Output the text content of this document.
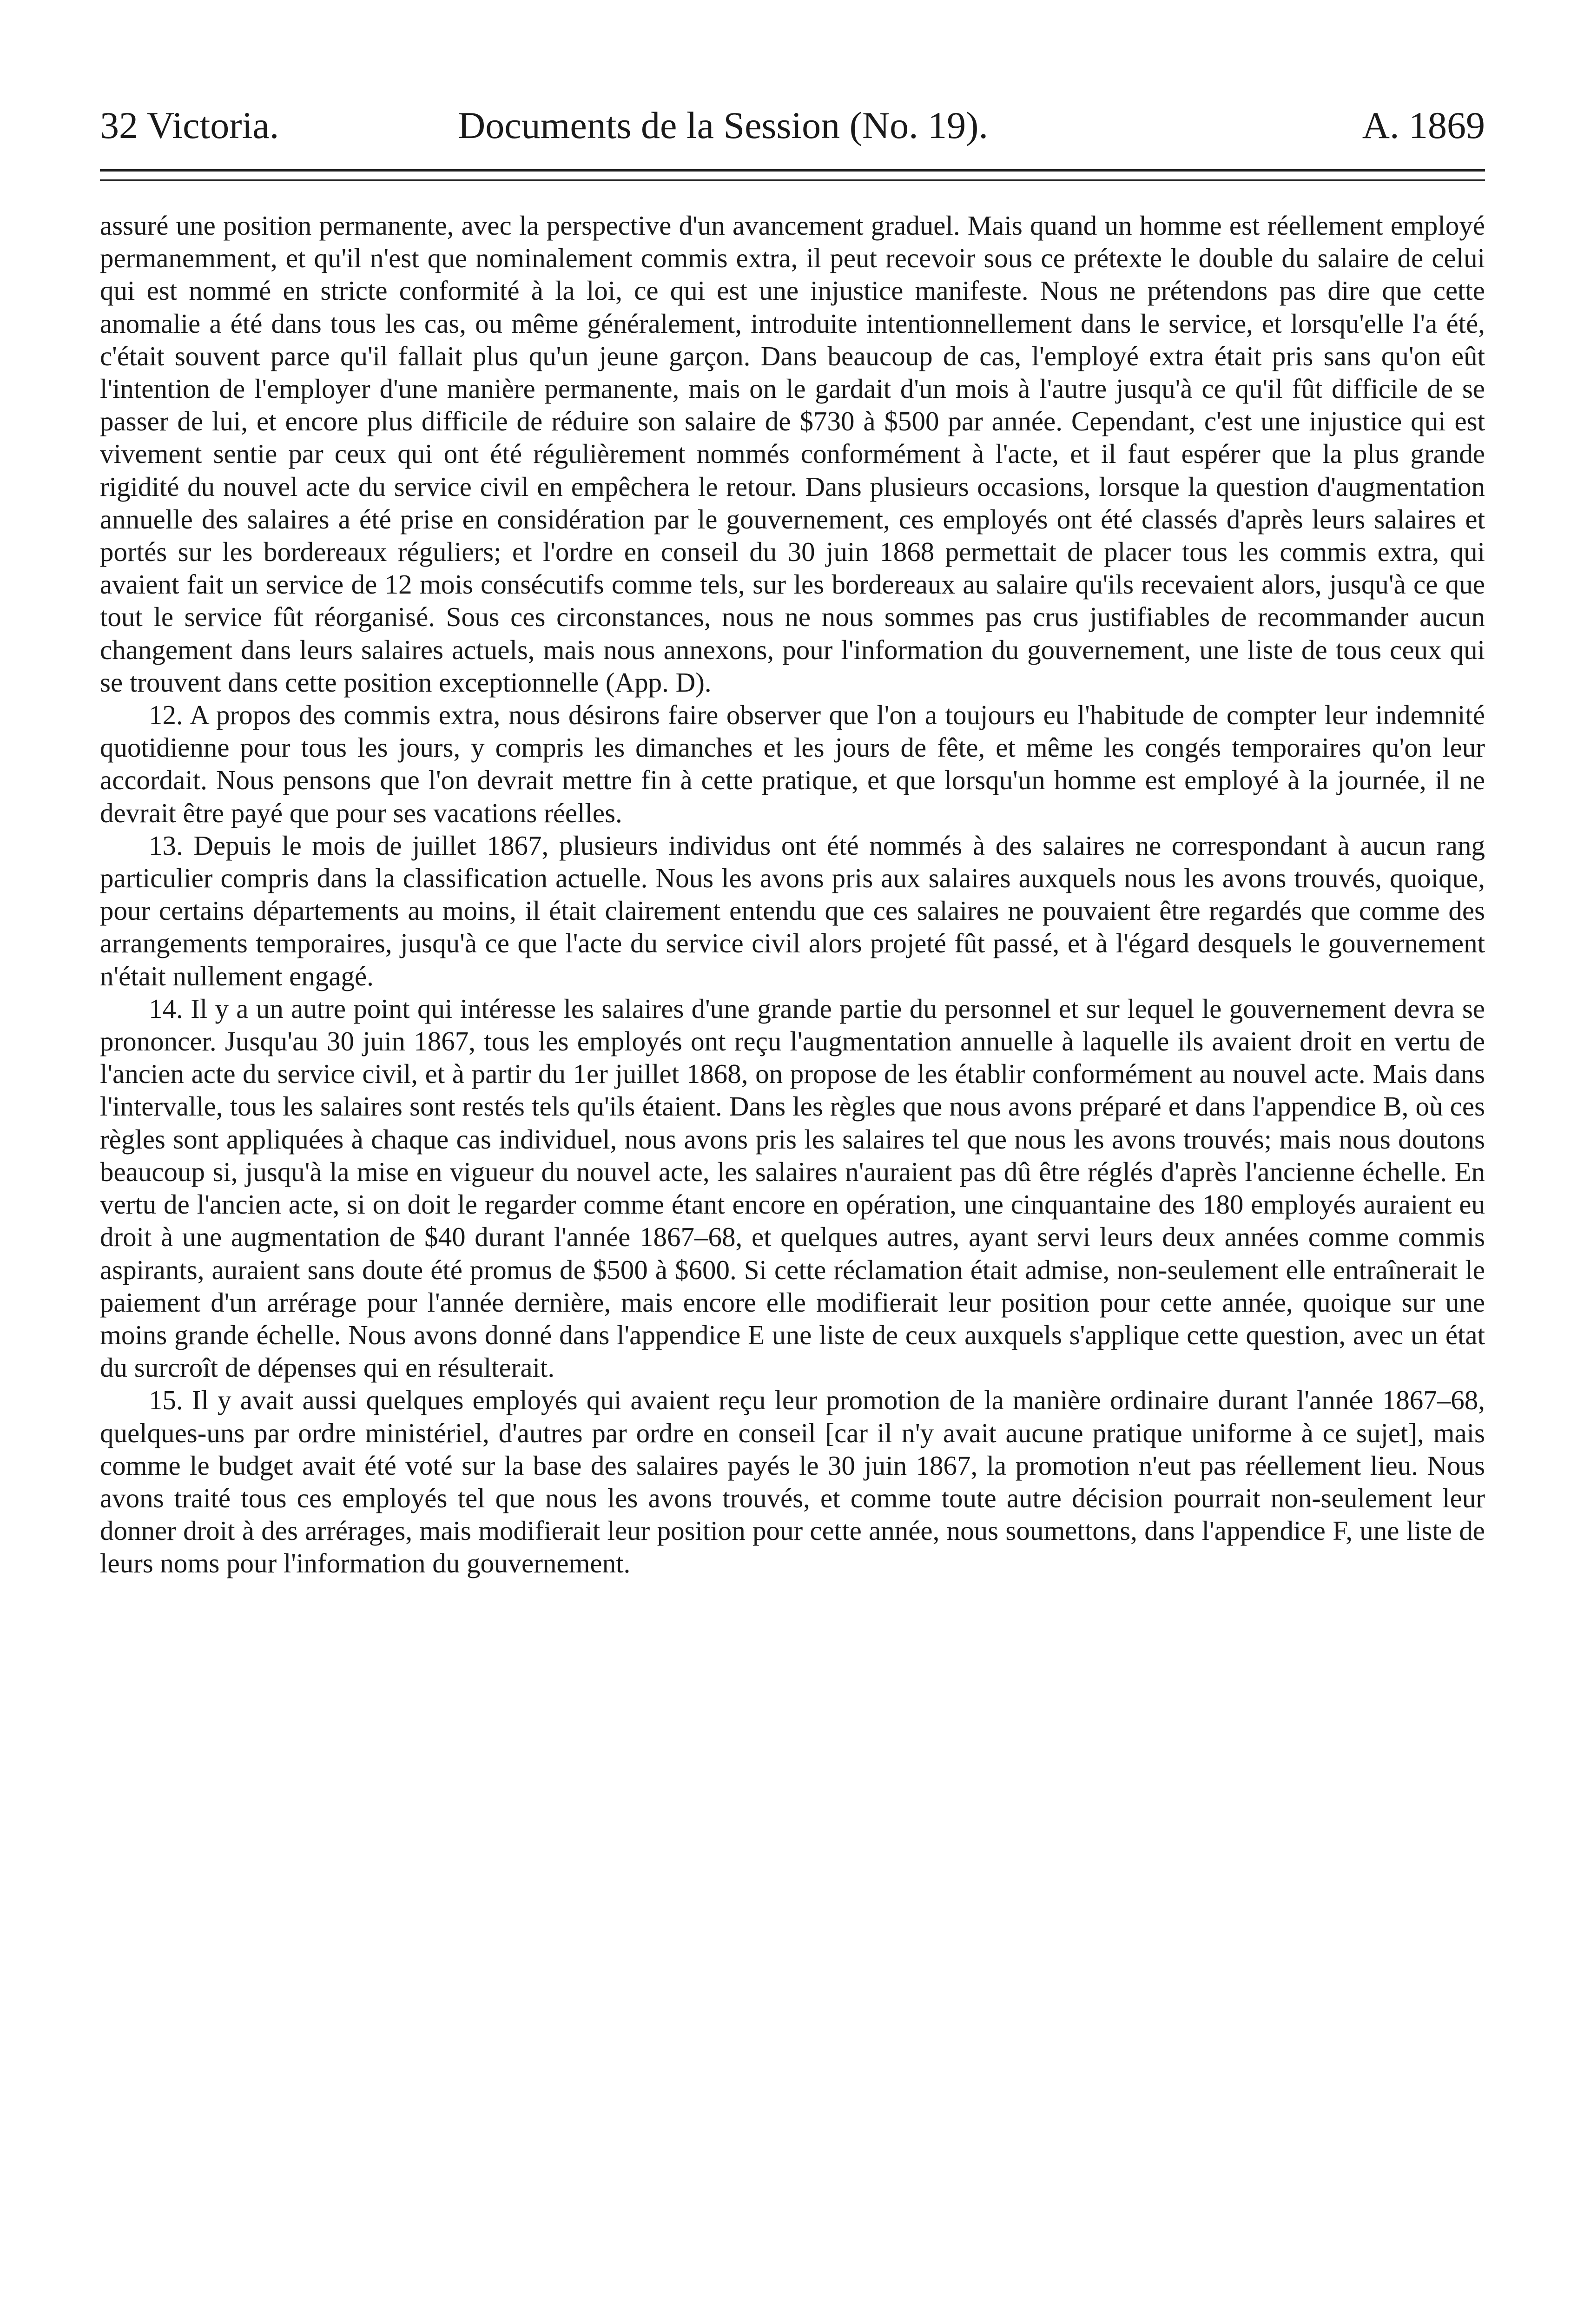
32 Victoria.	Documents de la Session (No. 19).	A. 1869

assuré une position permanente, avec la perspective d'un avancement graduel. Mais quand un homme est réellement employé permanemment, et qu'il n'est que nominalement commis extra, il peut recevoir sous ce prétexte le double du salaire de celui qui est nommé en stricte conformité à la loi, ce qui est une injustice manifeste. Nous ne prétendons pas dire que cette anomalie a été dans tous les cas, ou même généralement, introduite intentionnellement dans le service, et lorsqu'elle l'a été, c'était souvent parce qu'il fallait plus qu'un jeune garçon. Dans beaucoup de cas, l'employé extra était pris sans qu'on eût l'intention de l'employer d'une manière permanente, mais on le gardait d'un mois à l'autre jusqu'à ce qu'il fût difficile de se passer de lui, et encore plus difficile de réduire son salaire de $730 à $500 par année. Cependant, c'est une injustice qui est vivement sentie par ceux qui ont été régulièrement nommés conformément à l'acte, et il faut espérer que la plus grande rigidité du nouvel acte du service civil en empêchera le retour. Dans plusieurs occasions, lorsque la question d'augmentation annuelle des salaires a été prise en considération par le gouvernement, ces employés ont été classés d'après leurs salaires et portés sur les bordereaux réguliers; et l'ordre en conseil du 30 juin 1868 permettait de placer tous les commis extra, qui avaient fait un service de 12 mois consécutifs comme tels, sur les bordereaux au salaire qu'ils recevaient alors, jusqu'à ce que tout le service fût réorganisé. Sous ces circonstances, nous ne nous sommes pas crus justifiables de recommander aucun changement dans leurs salaires actuels, mais nous annexons, pour l'information du gouvernement, une liste de tous ceux qui se trouvent dans cette position exceptionnelle (App. D).

12. A propos des commis extra, nous désirons faire observer que l'on a toujours eu l'habitude de compter leur indemnité quotidienne pour tous les jours, y compris les dimanches et les jours de fête, et même les congés temporaires qu'on leur accordait. Nous pensons que l'on devrait mettre fin à cette pratique, et que lorsqu'un homme est employé à la journée, il ne devrait être payé que pour ses vacations réelles.

13. Depuis le mois de juillet 1867, plusieurs individus ont été nommés à des salaires ne correspondant à aucun rang particulier compris dans la classification actuelle. Nous les avons pris aux salaires auxquels nous les avons trouvés, quoique, pour certains départements au moins, il était clairement entendu que ces salaires ne pouvaient être regardés que comme des arrangements temporaires, jusqu'à ce que l'acte du service civil alors projeté fût passé, et à l'égard desquels le gouvernement n'était nullement engagé.

14. Il y a un autre point qui intéresse les salaires d'une grande partie du personnel et sur lequel le gouvernement devra se prononcer. Jusqu'au 30 juin 1867, tous les employés ont reçu l'augmentation annuelle à laquelle ils avaient droit en vertu de l'ancien acte du service civil, et à partir du 1er juillet 1868, on propose de les établir conformément au nouvel acte. Mais dans l'intervalle, tous les salaires sont restés tels qu'ils étaient. Dans les règles que nous avons préparé et dans l'appendice B, où ces règles sont appliquées à chaque cas individuel, nous avons pris les salaires tel que nous les avons trouvés; mais nous doutons beaucoup si, jusqu'à la mise en vigueur du nouvel acte, les salaires n'auraient pas dû être réglés d'après l'ancienne échelle. En vertu de l'ancien acte, si on doit le regarder comme étant encore en opération, une cinquantaine des 180 employés auraient eu droit à une augmentation de $40 durant l'année 1867–68, et quelques autres, ayant servi leurs deux années comme commis aspirants, auraient sans doute été promus de $500 à $600. Si cette réclamation était admise, non-seulement elle entraînerait le paiement d'un arrérage pour l'année dernière, mais encore elle modifierait leur position pour cette année, quoique sur une moins grande échelle. Nous avons donné dans l'appendice E une liste de ceux auxquels s'applique cette question, avec un état du surcroît de dépenses qui en résulterait.

15. Il y avait aussi quelques employés qui avaient reçu leur promotion de la manière ordinaire durant l'année 1867–68, quelques-uns par ordre ministériel, d'autres par ordre en conseil [car il n'y avait aucune pratique uniforme à ce sujet], mais comme le budget avait été voté sur la base des salaires payés le 30 juin 1867, la promotion n'eut pas réellement lieu. Nous avons traité tous ces employés tel que nous les avons trouvés, et comme toute autre décision pourrait non-seulement leur donner droit à des arrérages, mais modifierait leur position pour cette année, nous soumettons, dans l'appendice F, une liste de leurs noms pour l'information du gouvernement.
